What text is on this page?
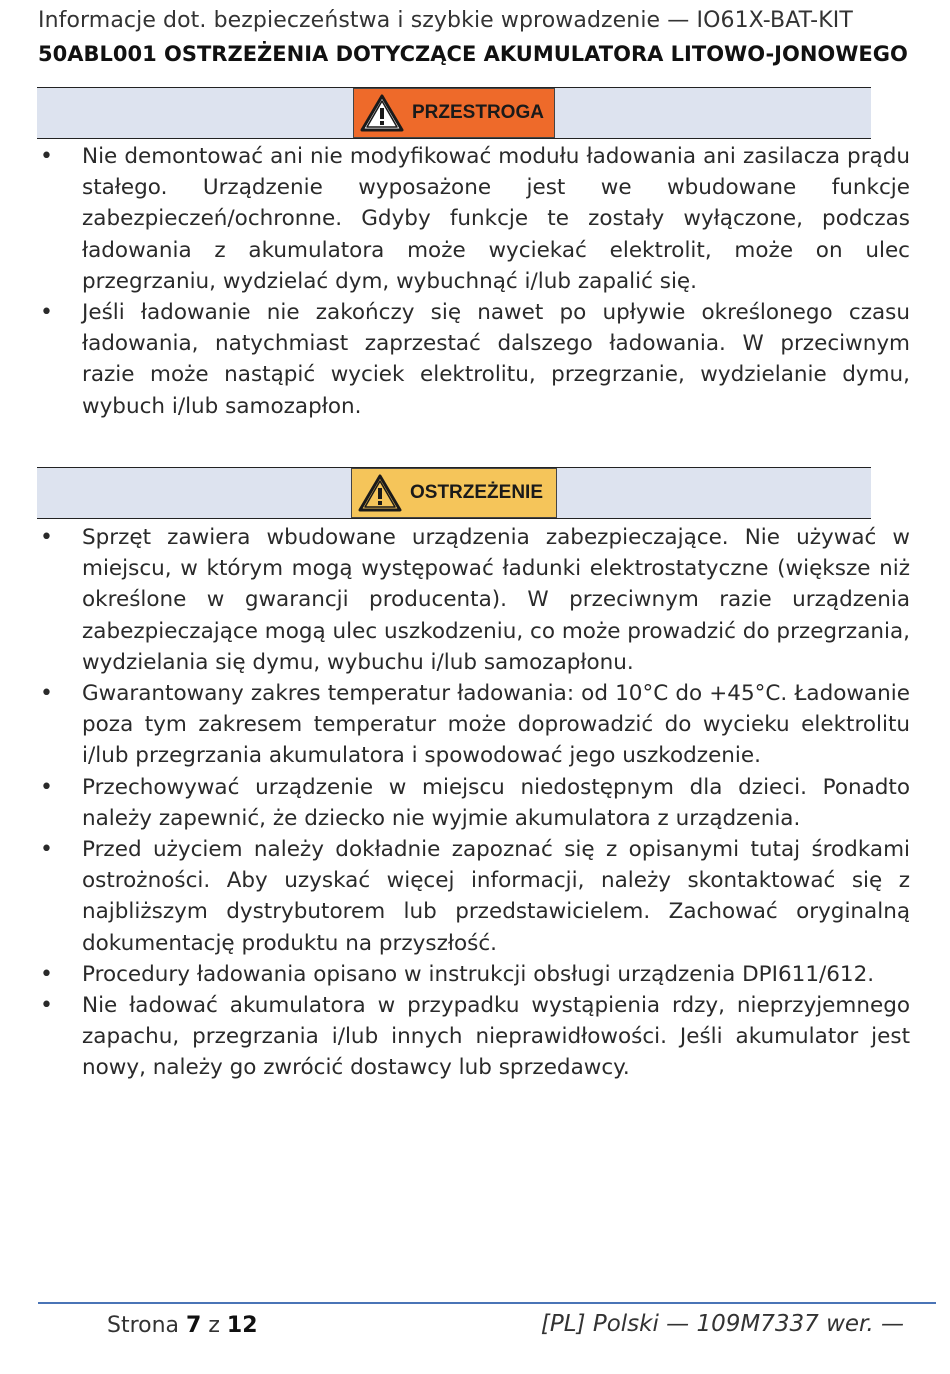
Informacje dot. bezpieczeństwa i szybkie wprowadzenie — IO61X-BAT-KIT
50ABL001 OSTRZEŻENIA DOTYCZĄCE AKUMULATORA LITOWO-JONOWEGO
PRZESTROGA
• Nie demontować ani nie modyfikować modułu ładowania ani zasilacza prądu stałego. Urządzenie wyposażone jest we wbudowane funkcje zabezpieczeń/ochronne. Gdyby funkcje te zostały wyłączone, podczas ładowania z akumulatora może wyciekać elektrolit, może on ulec przegrzaniu, wydzielać dym, wybuchnąć i/lub zapalić się.
• Jeśli ładowanie nie zakończy się nawet po upływie określonego czasu ładowania, natychmiast zaprzestać dalszego ładowania. W przeciwnym razie może nastąpić wyciek elektrolitu, przegrzanie, wydzielanie dymu, wybuch i/lub samozapłon.
OSTRZEŻENIE
• Sprzęt zawiera wbudowane urządzenia zabezpieczające. Nie używać w miejscu, w którym mogą występować ładunki elektrostatyczne (większe niż określone w gwarancji producenta). W przeciwnym razie urządzenia zabezpieczające mogą ulec uszkodzeniu, co może prowadzić do przegrzania, wydzielania się dymu, wybuchu i/lub samozapłonu.
• Gwarantowany zakres temperatur ładowania: od 10°C do +45°C. Ładowanie poza tym zakresem temperatur może doprowadzić do wycieku elektrolitu i/lub przegrzania akumulatora i spowodować jego uszkodzenie.
• Przechowywać urządzenie w miejscu niedostępnym dla dzieci. Ponadto należy zapewnić, że dziecko nie wyjmie akumulatora z urządzenia.
• Przed użyciem należy dokładnie zapoznać się z opisanymi tutaj środkami ostrożności. Aby uzyskać więcej informacji, należy skontaktować się z najbliższym dystrybutorem lub przedstawicielem. Zachować oryginalną dokumentację produktu na przyszłość.
• Procedury ładowania opisano w instrukcji obsługi urządzenia DPI611/612.
• Nie ładować akumulatora w przypadku wystąpienia rdzy, nieprzyjemnego zapachu, przegrzania i/lub innych nieprawidłowości. Jeśli akumulator jest nowy, należy go zwrócić dostawcy lub sprzedawcy.
Strona 7 z 12	[PL] Polski — 109M7337 wer. —
